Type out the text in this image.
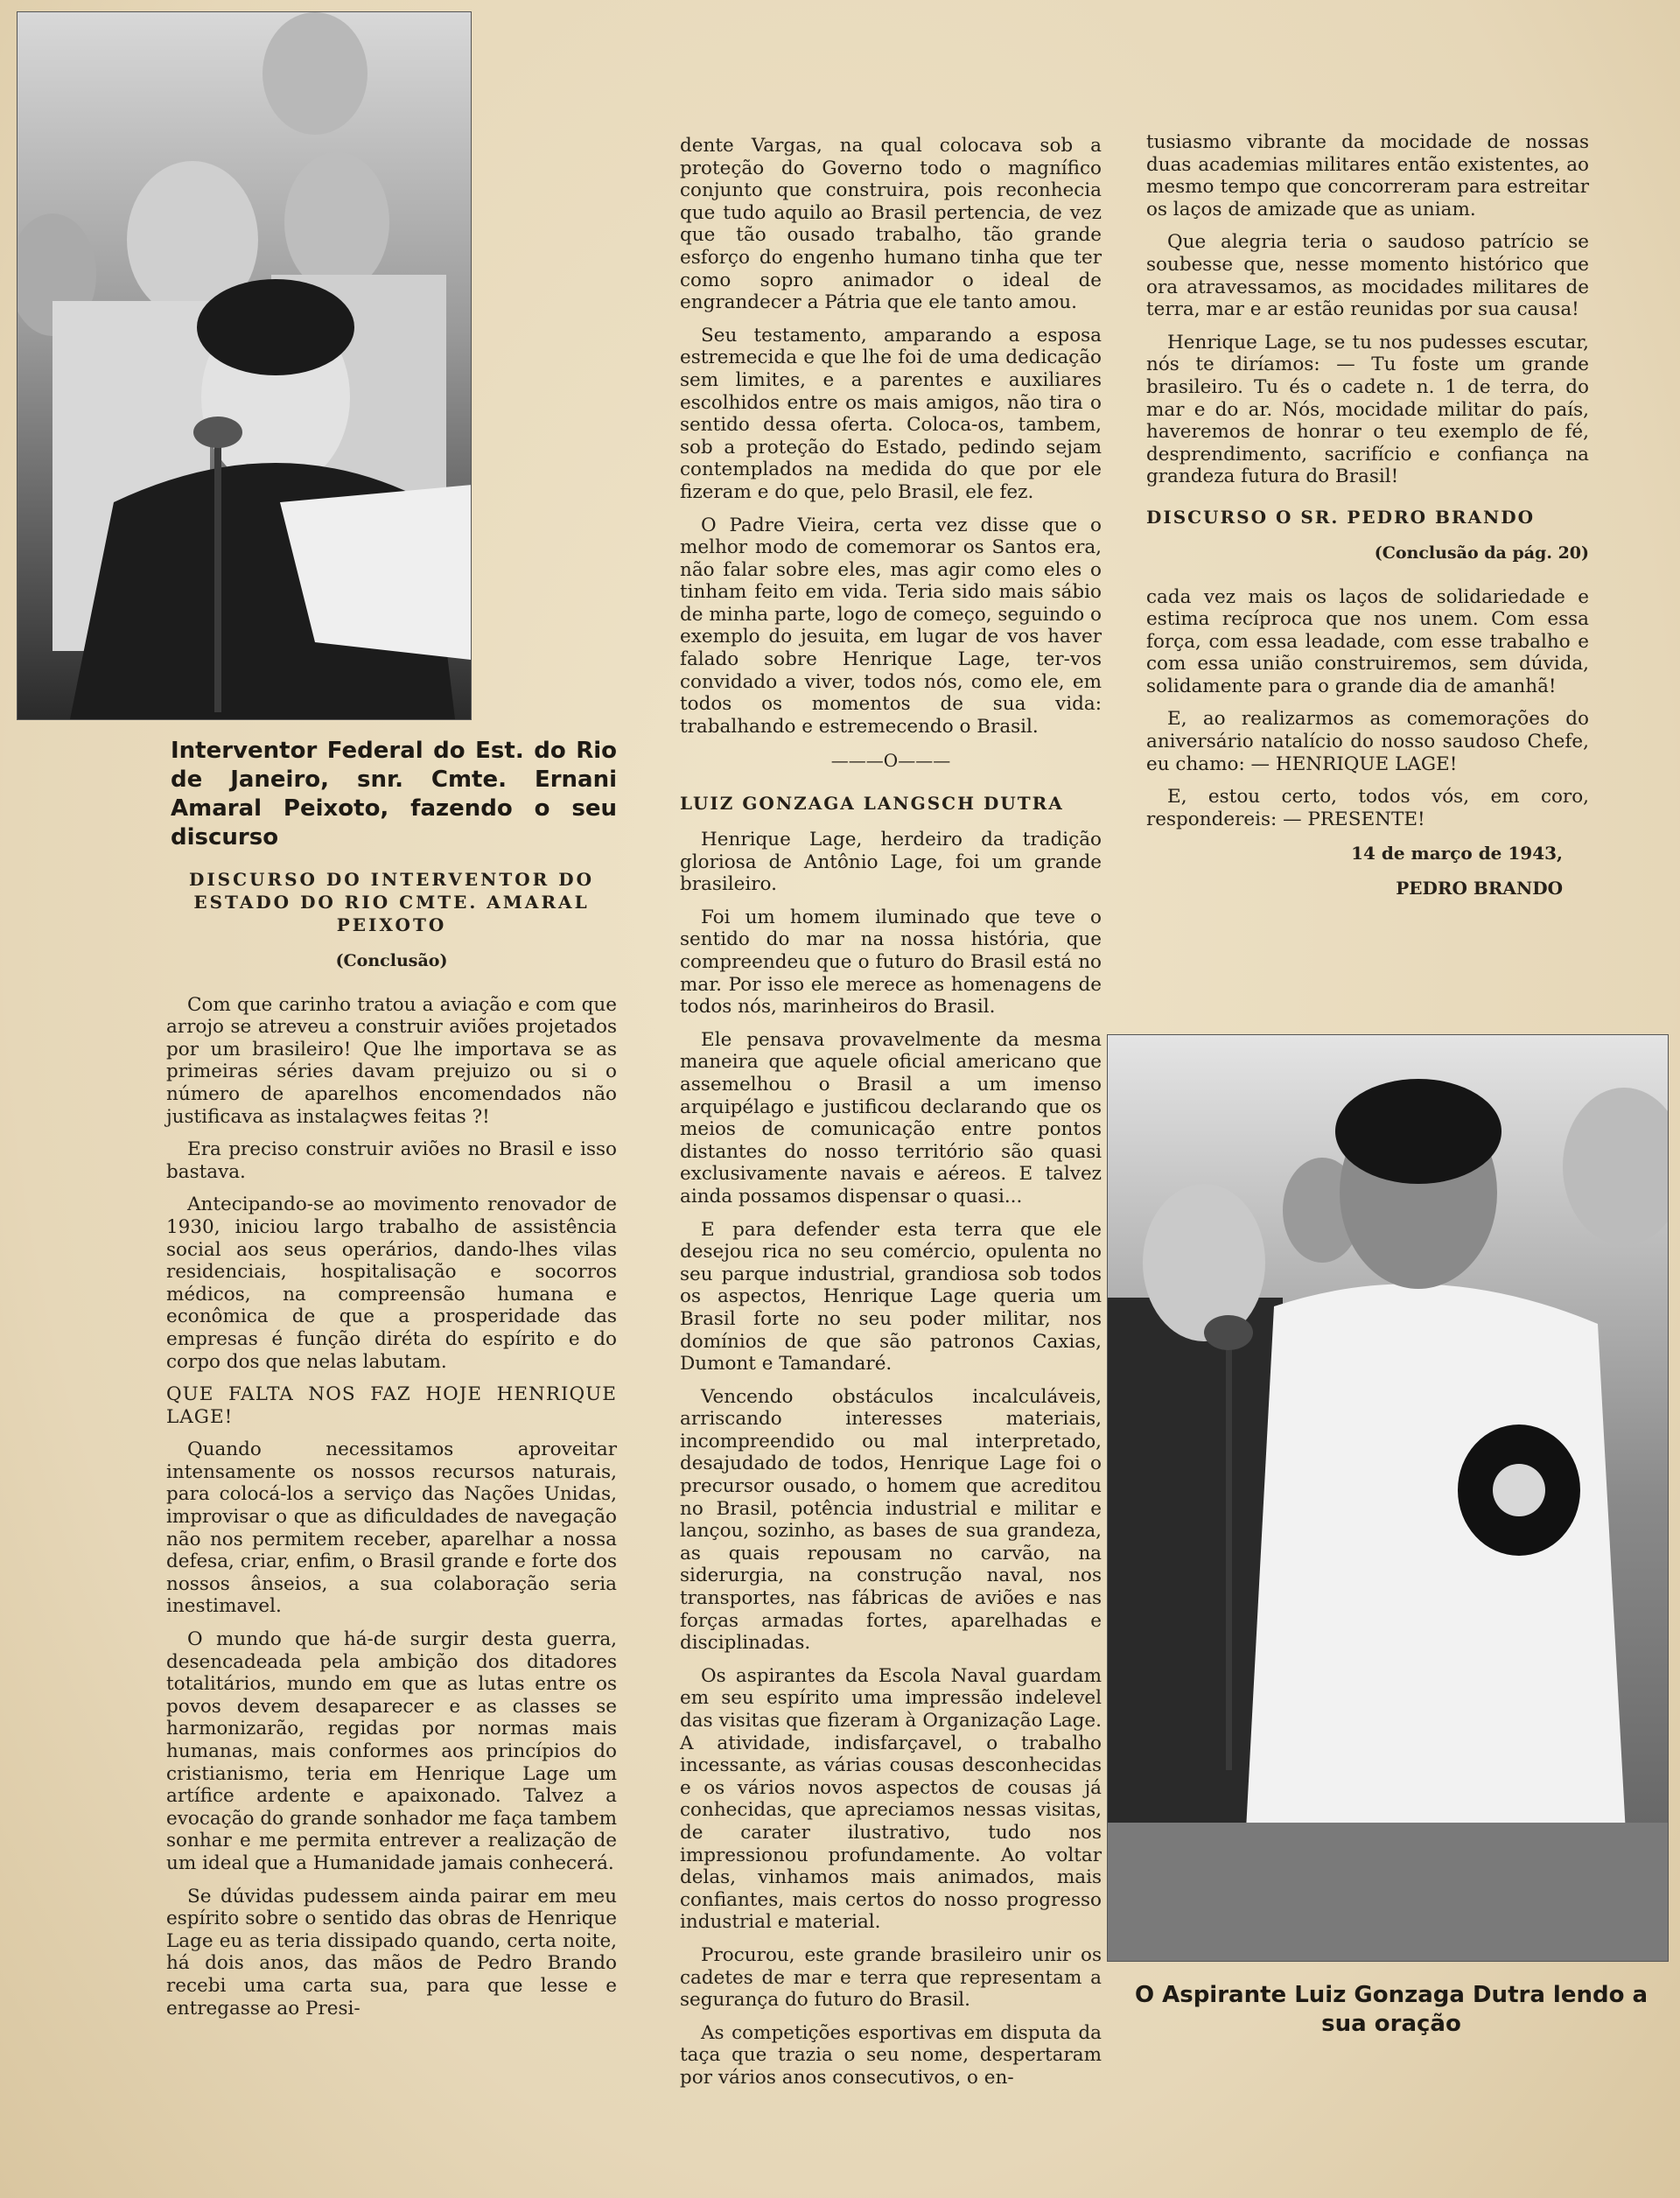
Interventor Federal do Est. do Rio de Janeiro, snr. Cmte. Ernani Amaral Peixoto, fazendo o seu discurso
DISCURSO DO INTERVENTOR DO ESTADO DO RIO CMTE. AMARAL PEIXOTO
(Conclusão)

Com que carinho tratou a aviação e com que arrojo se atreveu a construir aviões projetados por um brasileiro! Que lhe importava se as primeiras séries davam prejuizo ou si o número de aparelhos encomendados não justificava as instalaçwes feitas ?!

Era preciso construir aviões no Brasil e isso bastava.

Antecipando-se ao movimento renovador de 1930, iniciou largo trabalho de assistência social aos seus operários, dando-lhes vilas residenciais, hospitalisação e socorros médicos, na compreensão humana e econômica de que a prosperidade das empresas é função diréta do espírito e do corpo dos que nelas labutam.

QUE FALTA NOS FAZ HOJE HENRIQUE LAGE!

Quando necessitamos aproveitar intensamente os nossos recursos naturais, para colocá-los a serviço das Nações Unidas, improvisar o que as dificuldades de navegação não nos permitem receber, aparelhar a nossa defesa, criar, enfim, o Brasil grande e forte dos nossos ânseios, a sua colaboração seria inestimavel.

O mundo que há-de surgir desta guerra, desencadeada pela ambição dos ditadores totalitários, mundo em que as lutas entre os povos devem desaparecer e as classes se harmonizarão, regidas por normas mais humanas, mais conformes aos princípios do cristianismo, teria em Henrique Lage um artífice ardente e apaixonado. Talvez a evocação do grande sonhador me faça tambem sonhar e me permita entrever a realização de um ideal que a Humanidade jamais conhecerá.

Se dúvidas pudessem ainda pairar em meu espírito sobre o sentido das obras de Henrique Lage eu as teria dissipado quando, certa noite, há dois anos, das mãos de Pedro Brando recebi uma carta sua, para que lesse e entregasse ao Presi-

dente Vargas, na qual colocava sob a proteção do Governo todo o magnífico conjunto que construira, pois reconhecia que tudo aquilo ao Brasil pertencia, de vez que tão ousado trabalho, tão grande esforço do engenho humano tinha que ter como sopro animador o ideal de engrandecer a Pátria que ele tanto amou.

Seu testamento, amparando a esposa estremecida e que lhe foi de uma dedicação sem limites, e a parentes e auxiliares escolhidos entre os mais amigos, não tira o sentido dessa oferta. Coloca-os, tambem, sob a proteção do Estado, pedindo sejam contemplados na medida do que por ele fizeram e do que, pelo Brasil, ele fez.

O Padre Vieira, certa vez disse que o melhor modo de comemorar os Santos era, não falar sobre eles, mas agir como eles o tinham feito em vida. Teria sido mais sábio de minha parte, logo de começo, seguindo o exemplo do jesuita, em lugar de vos haver falado sobre Henrique Lage, ter-vos convidado a viver, todos nós, como ele, em todos os momentos de sua vida: trabalhando e estremecendo o Brasil.

———O———
LUIZ GONZAGA LANGSCH DUTRA

Henrique Lage, herdeiro da tradição gloriosa de Antônio Lage, foi um grande brasileiro.

Foi um homem iluminado que teve o sentido do mar na nossa história, que compreendeu que o futuro do Brasil está no mar. Por isso ele merece as homenagens de todos nós, marinheiros do Brasil.

Ele pensava provavelmente da mesma maneira que aquele oficial americano que assemelhou o Brasil a um imenso arquipélago e justificou declarando que os meios de comunicação entre pontos distantes do nosso território são quasi exclusivamente navais e aéreos. E talvez ainda possamos dispensar o quasi...

E para defender esta terra que ele desejou rica no seu comércio, opulenta no seu parque industrial, grandiosa sob todos os aspectos, Henrique Lage queria um Brasil forte no seu poder militar, nos domínios de que são patronos Caxias, Dumont e Tamandaré.

Vencendo obstáculos incalculáveis, arriscando interesses materiais, incompreendido ou mal interpretado, desajudado de todos, Henrique Lage foi o precursor ousado, o homem que acreditou no Brasil, potência industrial e militar e lançou, sozinho, as bases de sua grandeza, as quais repousam no carvão, na siderurgia, na construção naval, nos transportes, nas fábricas de aviões e nas forças armadas fortes, aparelhadas e disciplinadas.

Os aspirantes da Escola Naval guardam em seu espírito uma impressão indelevel das visitas que fizeram à Organização Lage. A atividade, indisfarçavel, o trabalho incessante, as várias cousas desconhecidas e os vários novos aspectos de cousas já conhecidas, que apreciamos nessas visitas, de carater ilustrativo, tudo nos impressionou profundamente. Ao voltar delas, vinhamos mais animados, mais confiantes, mais certos do nosso progresso industrial e material.

Procurou, este grande brasileiro unir os cadetes de mar e terra que representam a segurança do futuro do Brasil.

As competições esportivas em disputa da taça que trazia o seu nome, despertaram por vários anos consecutivos, o en-

tusiasmo vibrante da mocidade de nossas duas academias militares então existentes, ao mesmo tempo que concorreram para estreitar os laços de amizade que as uniam.

Que alegria teria o saudoso patrício se soubesse que, nesse momento histórico que ora atravessamos, as mocidades militares de terra, mar e ar estão reunidas por sua causa!

Henrique Lage, se tu nos pudesses escutar, nós te diríamos: — Tu foste um grande brasileiro. Tu és o cadete n. 1 de terra, do mar e do ar. Nós, mocidade militar do país, haveremos de honrar o teu exemplo de fé, desprendimento, sacrifício e confiança na grandeza futura do Brasil!

DISCURSO O SR. PEDRO BRANDO
(Conclusão da pág. 20)

cada vez mais os laços de solidariedade e estima recíproca que nos unem. Com essa força, com essa leadade, com esse trabalho e com essa união construiremos, sem dúvida, solidamente para o grande dia de amanhã!

E, ao realizarmos as comemorações do aniversário natalício do nosso saudoso Chefe, eu chamo: — HENRIQUE LAGE!

E, estou certo, todos vós, em coro, respondereis: — PRESENTE!

14 de março de 1943,

PEDRO BRANDO

O Aspirante Luiz Gonzaga Dutra lendo a sua oração
